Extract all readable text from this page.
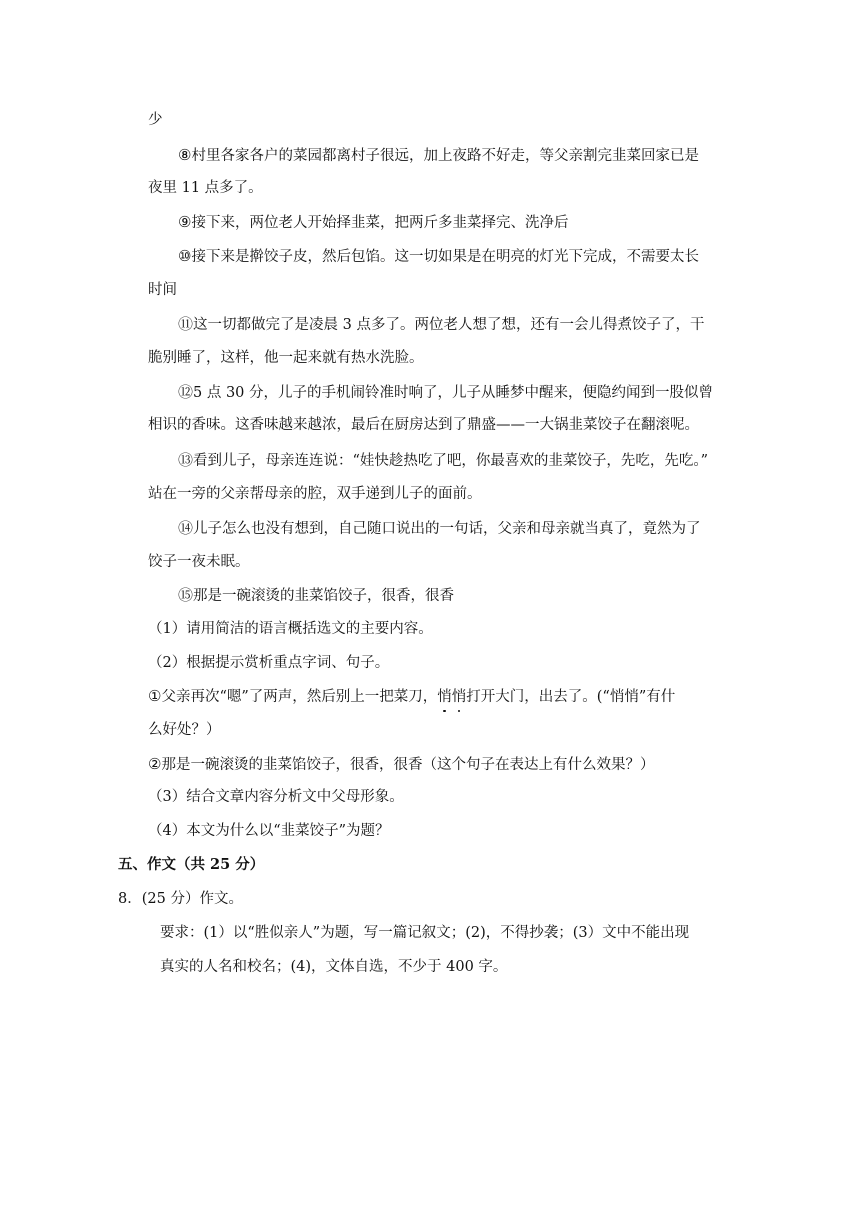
少
⑧村里各家各户的菜园都离村子很远，加上夜路不好走，等父亲割完韭菜回家已是
夜里 11 点多了。
⑨接下来，两位老人开始择韭菜，把两斤多韭菜择完、洗净后
⑩接下来是擀饺子皮，然后包馅。这一切如果是在明亮的灯光下完成，不需要太长
时间
⑪这一切都做完了是凌晨 3 点多了。两位老人想了想，还有一会儿得煮饺子了，干
脆别睡了，这样，他一起来就有热水洗脸。
⑫5 点 30 分，儿子的手机闹铃准时响了，儿子从睡梦中醒来，便隐约闻到一股似曾
相识的香味。这香味越来越浓，最后在厨房达到了鼎盛——一大锅韭菜饺子在翻滚呢。
⑬看到儿子，母亲连连说：“娃快趁热吃了吧，你最喜欢的韭菜饺子，先吃，先吃。”
站在一旁的父亲帮母亲的腔，双手递到儿子的面前。
⑭儿子怎么也没有想到，自己随口说出的一句话，父亲和母亲就当真了，竟然为了
饺子一夜未眠。
⑮那是一碗滚烫的韭菜馅饺子，很香，很香
（1）请用简洁的语言概括选文的主要内容。
（2）根据提示赏析重点字词、句子。
①父亲再次“嗯”了两声，然后别上一把菜刀，悄悄打开大门，出去了。(“悄悄”有什
么好处？）
②那是一碗滚烫的韭菜馅饺子，很香，很香（这个句子在表达上有什么效果？）
（3）结合文章内容分析文中父母形象。
（4）本文为什么以“韭菜饺子”为题？
五、作文（共 25 分）
8．(25 分）作文。
要求：(1）以“胜似亲人”为题，写一篇记叙文；(2)，不得抄袭；(3）文中不能出现
真实的人名和校名；(4)，文体自选，不少于 400 字。
